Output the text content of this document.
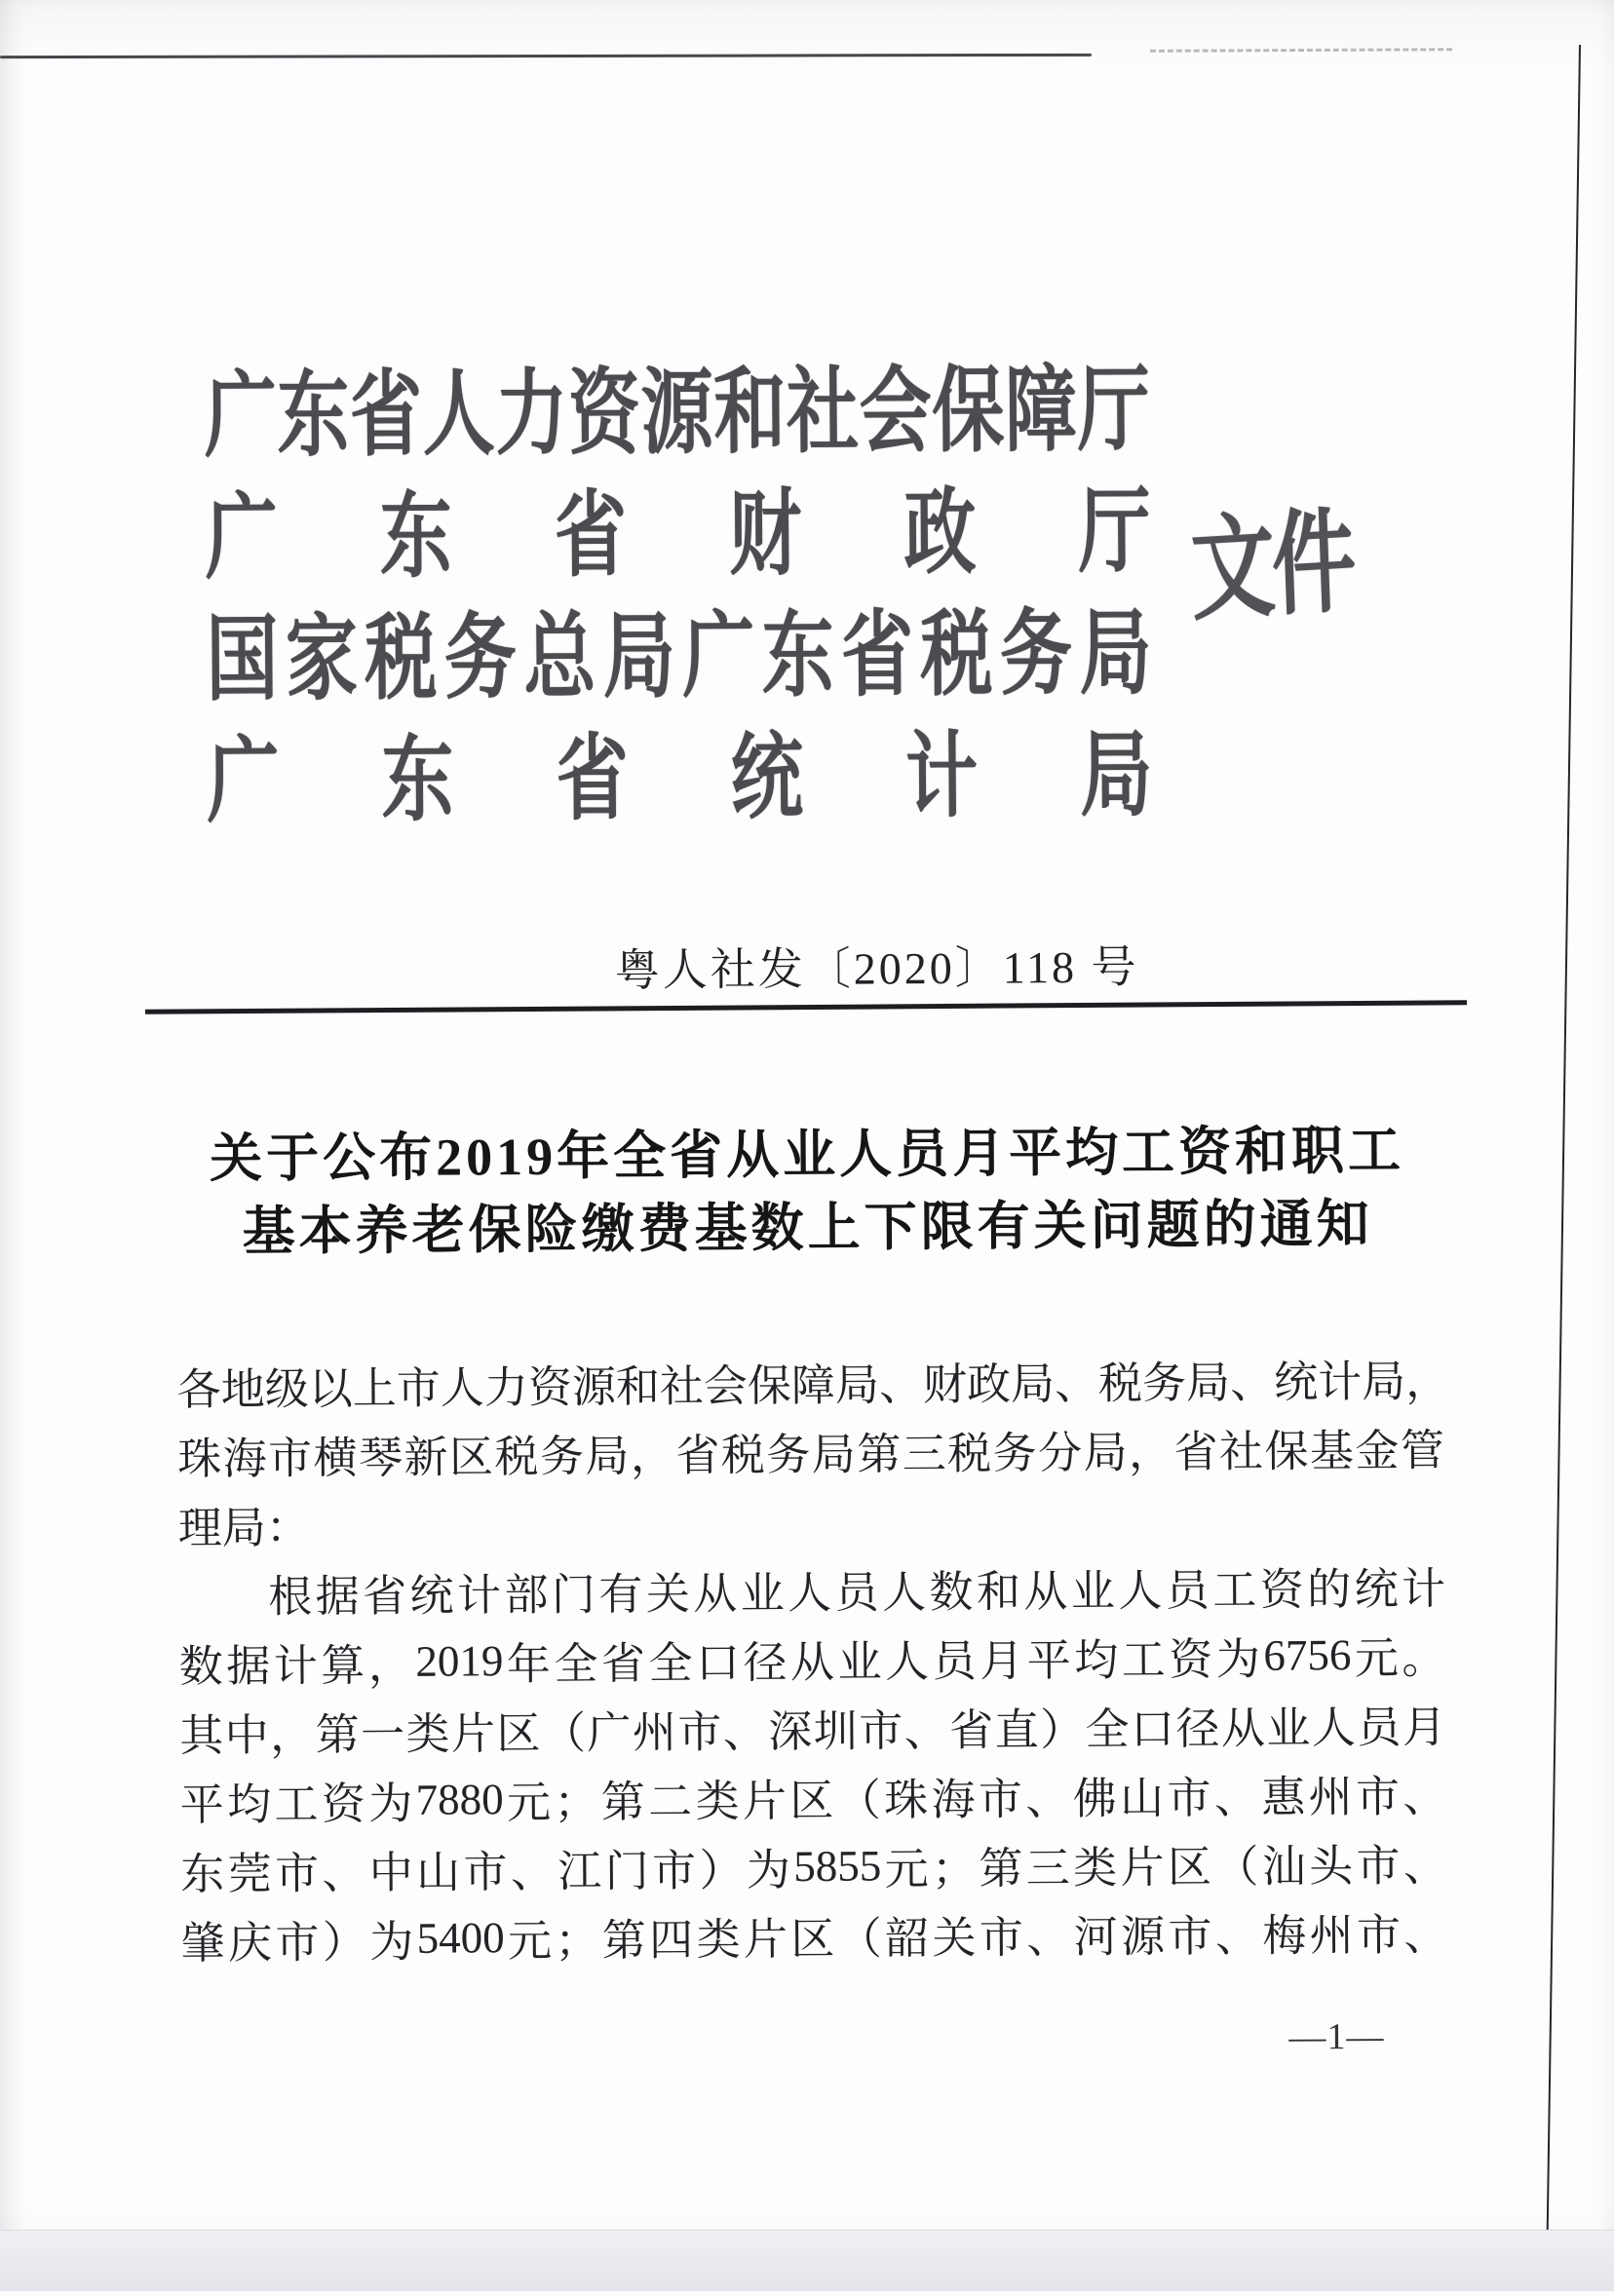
广 东 省 人 力 资 源 和 社 会 保 障 厅
广 东 省 财 政 厅
国 家 税 务 总 局 广 东 省 税 务 局
广 东 省 统 计 局
文件
粤人社发〔2020〕118 号
关于公布2019年全省从业人员月平均工资和职工
基本养老保险缴费基数上下限有关问题的通知
各 地 级 以 上 市 人 力 资 源 和 社 会 保 障 局 、 财 政 局 、 税 务 局 、 统 计 局 ，
珠 海 市 横 琴 新 区 税 务 局 ， 省 税 务 局 第 三 税 务 分 局 ， 省 社 保 基 金 管
理 局 ：
根 据 省 统 计 部 门 有 关 从 业 人 员 人 数 和 从 业 人 员 工 资 的 统 计
数 据 计 算 ， 2019 年 全 省 全 口 径 从 业 人 员 月 平 均 工 资 为 6756 元 。
其 中 ， 第 一 类 片 区 （ 广 州 市 、 深 圳 市 、 省 直 ） 全 口 径 从 业 人 员 月
平 均 工 资 为 7880 元 ； 第 二 类 片 区 （ 珠 海 市 、 佛 山 市 、 惠 州 市 、
东 莞 市 、 中 山 市 、 江 门 市 ） 为 5855 元 ； 第 三 类 片 区 （ 汕 头 市 、
肇 庆 市 ） 为 5400 元 ； 第 四 类 片 区 （ 韶 关 市 、 河 源 市 、 梅 州 市 、
—1—
